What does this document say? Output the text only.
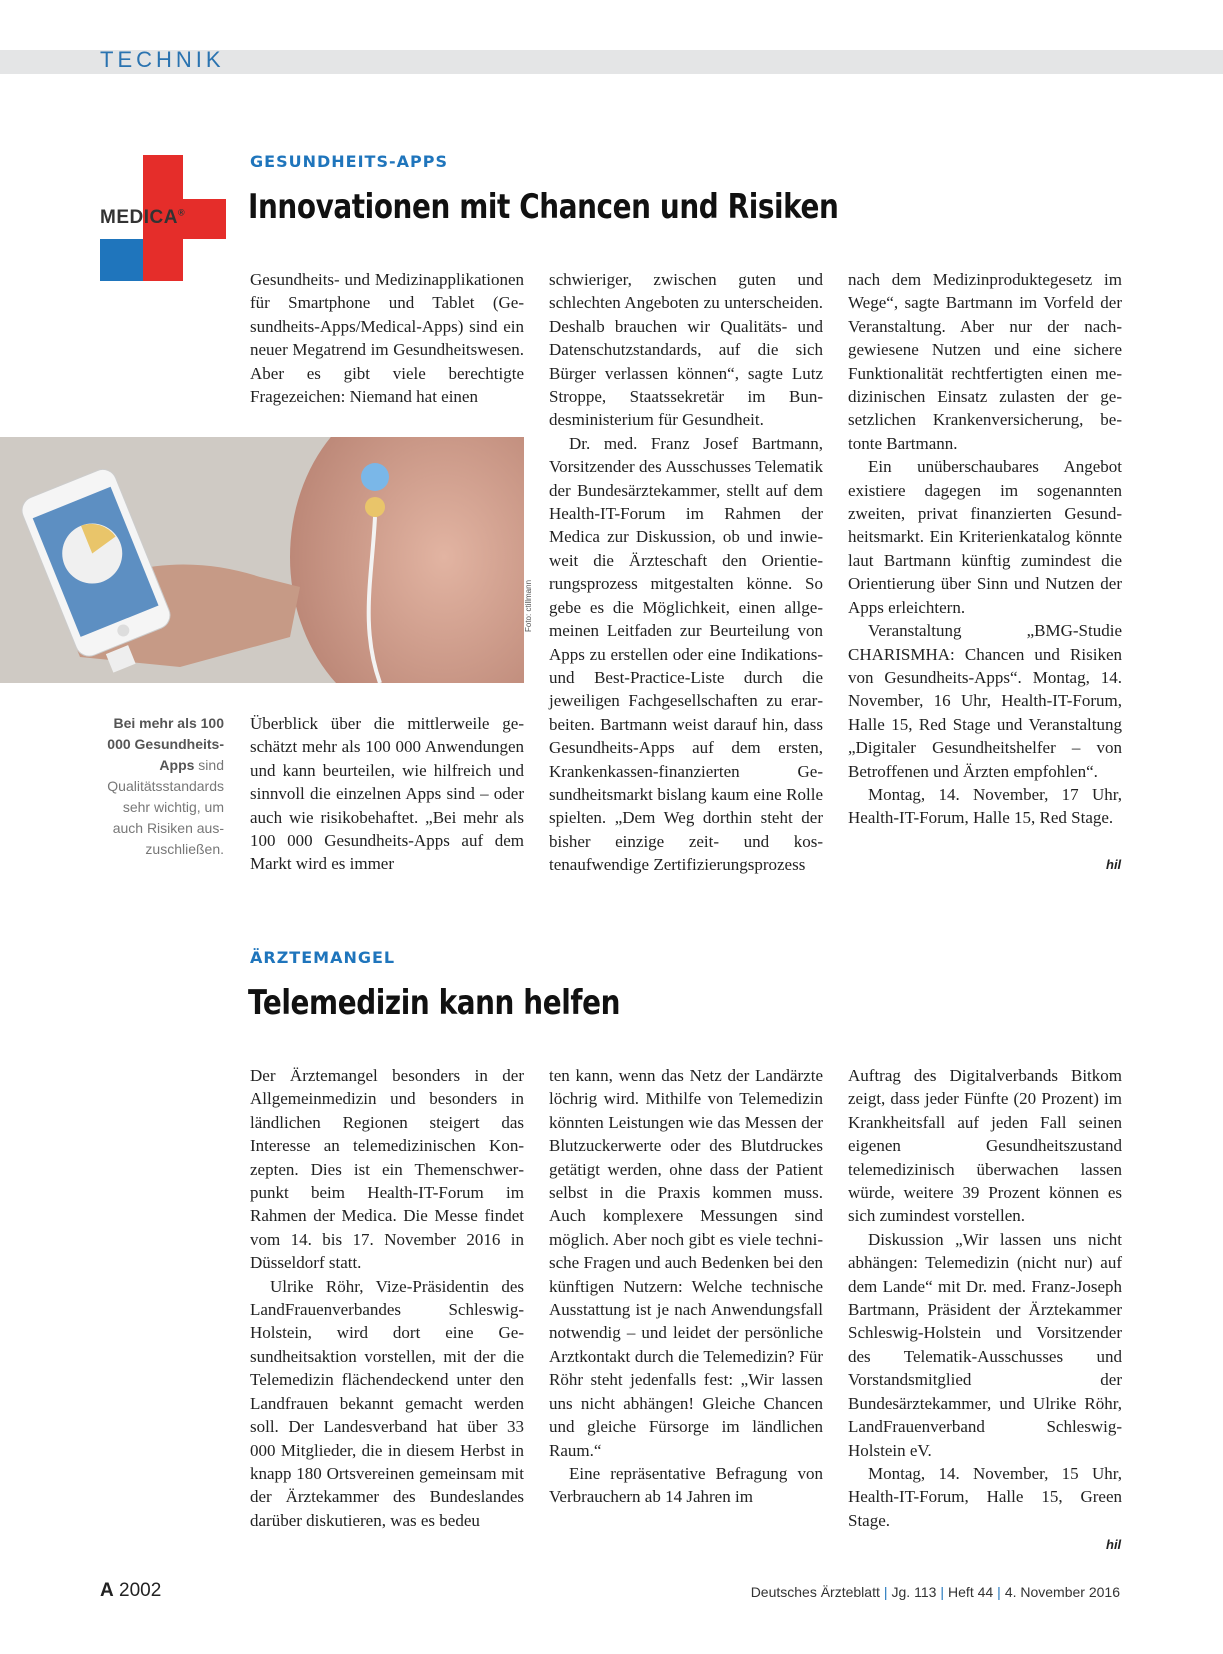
TECHNIK
MEDICA®
GESUNDHEITS-APPS
Innovationen mit Chancen und Risiken

Gesundheits- und Medizinapplikationen für Smartphone und Tablet (Gesundheits-Apps/Medical-Apps) sind ein neuer Megatrend im Gesundheitswesen. Aber es gibt viele berechtigte Fragezeichen: Niemand hat einen

Foto: ctillmann
Bei mehr als 100 000 Gesundheits-Apps sind Qualitätsstandards sehr wichtig, um auch Risiken auszuschließen.

Überblick über die mittlerweile geschätzt mehr als 100 000 Anwendungen und kann beurteilen, wie hilfreich und sinnvoll die einzelnen Apps sind – oder auch wie risikobehaftet. „Bei mehr als 100 000 Gesundheits-Apps auf dem Markt wird es immer

schwieriger, zwischen guten und schlechten Angeboten zu unterscheiden. Deshalb brauchen wir Qualitäts- und Datenschutzstandards, auf die sich Bürger verlassen können“, sagte Lutz Stroppe, Staatssekretär im Bundesministerium für Gesundheit.

Dr. med. Franz Josef Bartmann, Vorsitzender des Ausschusses Telematik der Bundesärztekammer, stellt auf dem Health-IT-Forum im Rahmen der Medica zur Diskussion, ob und inwieweit die Ärzteschaft den Orientierungsprozess mitgestalten könne. So gebe es die Möglichkeit, einen allgemeinen Leitfaden zur Beurteilung von Apps zu erstellen oder eine Indikations- und Best-Practice-Liste durch die jeweiligen Fachgesellschaften zu erarbeiten. Bartmann weist darauf hin, dass Gesundheits-Apps auf dem ersten, Krankenkassen-finanzierten Gesundheitsmarkt bislang kaum eine Rolle spielten. „Dem Weg dorthin steht der bisher einzige zeit- und kostenaufwendige Zertifizierungsprozess

nach dem Medizinproduktegesetz im Wege“, sagte Bartmann im Vorfeld der Veranstaltung. Aber nur der nachgewiesene Nutzen und eine sichere Funktionalität rechtfertigten einen medizinischen Einsatz zulasten der gesetzlichen Krankenversicherung, betonte Bartmann.

Ein unüberschaubares Angebot existiere dagegen im sogenannten zweiten, privat finanzierten Gesundheitsmarkt. Ein Kriterienkatalog könnte laut Bartmann künftig zumindest die Orientierung über Sinn und Nutzen der Apps erleichtern.

Veranstaltung „BMG-Studie CHARISMHA: Chancen und Risiken von Gesundheits-Apps“. Montag, 14. November, 16 Uhr, Health-IT-Forum, Halle 15, Red Stage und Veranstaltung „Digitaler Gesundheitshelfer – von Betroffenen und Ärzten empfohlen“.

Montag, 14. November, 17 Uhr, Health-IT-Forum, Halle 15, Red Stage.

hil
ÄRZTEMANGEL
Telemedizin kann helfen

Der Ärztemangel besonders in der Allgemeinmedizin und besonders in ländlichen Regionen steigert das Interesse an telemedizinischen Konzepten. Dies ist ein Themenschwerpunkt beim Health-IT-Forum im Rahmen der Medica. Die Messe findet vom 14. bis 17. November 2016 in Düsseldorf statt.

Ulrike Röhr, Vize-Präsidentin des LandFrauenverbandes Schleswig-Holstein, wird dort eine Gesundheitsaktion vorstellen, mit der die Telemedizin flächendeckend unter den Landfrauen bekannt gemacht werden soll. Der Landesverband hat über 33 000 Mitglieder, die in diesem Herbst in knapp 180 Ortsvereinen gemeinsam mit der Ärztekammer des Bundeslandes darüber diskutieren, was es bedeu

ten kann, wenn das Netz der Landärzte löchrig wird. Mithilfe von Telemedizin könnten Leistungen wie das Messen der Blutzuckerwerte oder des Blutdruckes getätigt werden, ohne dass der Patient selbst in die Praxis kommen muss. Auch komplexere Messungen sind möglich. Aber noch gibt es viele technische Fragen und auch Bedenken bei den künftigen Nutzern: Welche technische Ausstattung ist je nach Anwendungsfall notwendig – und leidet der persönliche Arztkontakt durch die Telemedizin? Für Röhr steht jedenfalls fest: „Wir lassen uns nicht abhängen! Gleiche Chancen und gleiche Fürsorge im ländlichen Raum.“

Eine repräsentative Befragung von Verbrauchern ab 14 Jahren im

Auftrag des Digitalverbands Bitkom zeigt, dass jeder Fünfte (20 Prozent) im Krankheitsfall auf jeden Fall seinen eigenen Gesundheitszustand telemedizinisch überwachen lassen würde, weitere 39 Prozent können es sich zumindest vorstellen.

Diskussion „Wir lassen uns nicht abhängen: Telemedizin (nicht nur) auf dem Lande“ mit Dr. med. Franz-Joseph Bartmann, Präsident der Ärztekammer Schleswig-Holstein und Vorsitzender des Telematik-Ausschusses und Vorstandsmitglied der Bundesärztekammer, und Ulrike Röhr, LandFrauenverband Schleswig-Holstein eV.

Montag, 14. November, 15 Uhr, Health-IT-Forum, Halle 15, Green Stage.

hil
A 2002	Deutsches Ärzteblatt | Jg. 113 | Heft 44 | 4. November 2016
